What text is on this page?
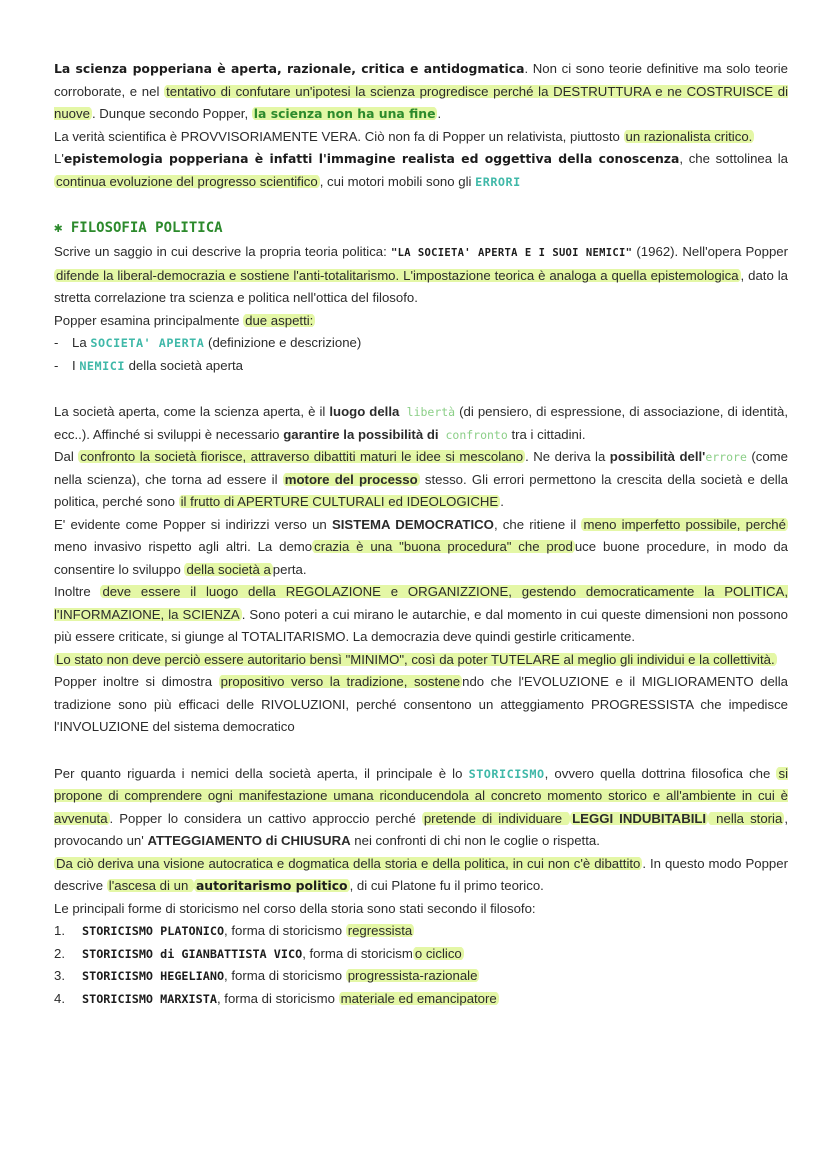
La scienza popperiana è aperta, razionale, critica e antidogmatica. Non ci sono teorie definitive ma solo teorie corroborate, e nel tentativo di confutare un'ipotesi la scienza progredisce perché la DESTRUTTURA e ne COSTRUISCE di nuove . Dunque secondo Popper, la scienza non ha una fine .

La verità scientifica è PROVVISORIAMENTE VERA. Ciò non fa di Popper un relativista, piuttosto un razionalista critico.

L'epistemologia popperiana è infatti l'immagine realista ed oggettiva della conoscenza, che sottolinea la continua evoluzione del progresso scientifico , cui motori mobili sono gli ERRORI

✱ FILOSOFIA POLITICA

Scrive un saggio in cui descrive la propria teoria politica: "LA SOCIETA' APERTA E I SUOI NEMICI" (1962). Nell'opera Popper difende la liberal-democrazia e sostiene l'anti-totalitarismo. L'impostazione teorica è analoga a quella epistemologica , dato la stretta correlazione tra scienza e politica nell'ottica del filosofo.

Popper esamina principalmente due aspetti:

-	La SOCIETA' APERTA (definizione e descrizione)
-	I NEMICI della società aperta

La società aperta, come la scienza aperta, è il luogo della libertà (di pensiero, di espressione, di associazione, di identità, ecc..). Affinché si sviluppi è necessario garantire la possibilità di confronto tra i cittadini.

Dal confronto la società fiorisce, attraverso dibattiti maturi le idee si mescolano . Ne deriva la possibilità dell'errore (come nella scienza), che torna ad essere il motore del processo stesso. Gli errori permettono la crescita della società e della politica, perché sono il frutto di APERTURE CULTURALI ed IDEOLOGICHE .

E' evidente come Popper si indirizzi verso un SISTEMA DEMOCRATICO, che ritiene il meno imperfetto possibile, perché meno invasivo rispetto agli altri. La demo crazia è una "buona procedura" che prod uce buone procedure, in modo da consentire lo sviluppo della società a perta.

Inoltre deve essere il luogo della REGOLAZIONE e ORGANIZZIONE, gestendo democraticamente la POLITICA, l'INFORMAZIONE, la SCIENZA . Sono poteri a cui mirano le autarchie, e dal momento in cui queste dimensioni non possono più essere criticate, si giunge al TOTALITARISMO. La democrazia deve quindi gestirle criticamente.

Lo stato non deve perciò essere autoritario bensì "MINIMO", così da poter TUTELARE al meglio gli individui e la collettività.

Popper inoltre si dimostra propositivo verso la tradizione, sostene ndo che l'EVOLUZIONE e il MIGLIORAMENTO della tradizione sono più efficaci delle RIVOLUZIONI, perché consentono un atteggiamento PROGRESSISTA che impedisce l'INVOLUZIONE del sistema democratico

Per quanto riguarda i nemici della società aperta, il principale è lo STORICISMO, ovvero quella dottrina filosofica che si propone di comprendere ogni manifestazione umana riconducendola al concreto momento storico e all'ambiente in cui è avvenuta . Popper lo considera un cattivo approccio perché pretende di individuare LEGGI INDUBITABILI nella storia , provocando un' ATTEGGIAMENTO di CHIUSURA nei confronti di chi non le coglie o rispetta.

Da ciò deriva una visione autocratica e dogmatica della storia e della politica, in cui non c'è dibattito . In questo modo Popper descrive l'ascesa di un autoritarismo politico , di cui Platone fu il primo teorico.

Le principali forme di storicismo nel corso della storia sono stati secondo il filosofo:

1.	STORICISMO PLATONICO, forma di storicismo regressista
2.	STORICISMO di GIANBATTISTA VICO, forma di storicism o ciclico
3.	STORICISMO HEGELIANO, forma di storicismo progressista-razionale
4.	STORICISMO MARXISTA, forma di storicismo materiale ed emancipatore
